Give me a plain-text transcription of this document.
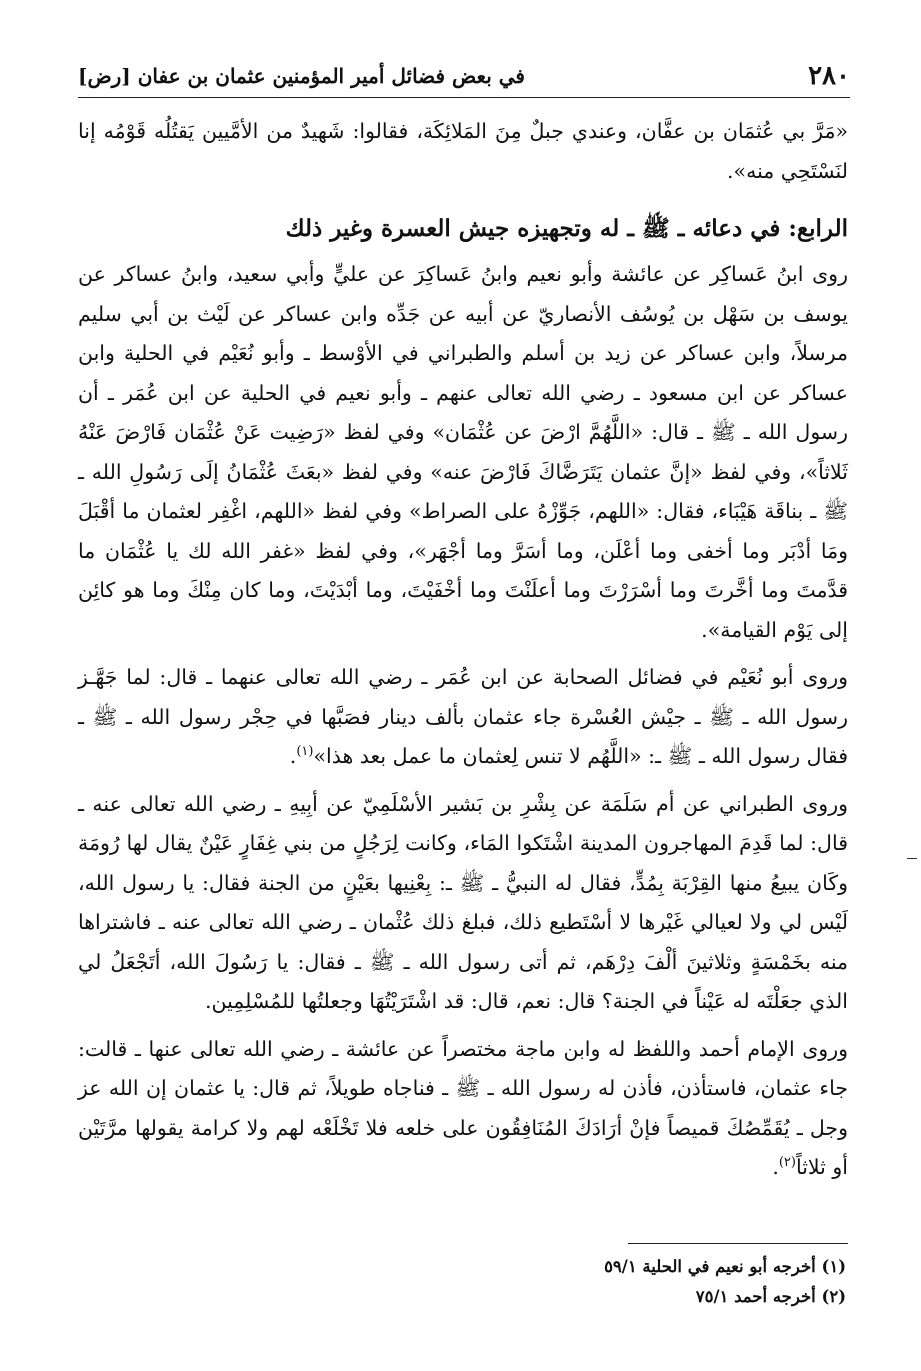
٢٨٠
في بعض فضائل أمير المؤمنين عثمان بن عفان [رض]

«مَرَّ بي عُثمَان بن عفَّان، وعندي جبلٌ مِنَ المَلائِكَة، فقالوا: شَهيدٌ من الأمَّيين يَقتُلُه قَوْمُه إنا لنَسْتَحِي منه».

الرابع: في دعائه ـ ﷺ ـ له وتجهيزه جيش العسرة وغير ذلك

روى ابنُ عَساكِر عن عائشة وأبو نعيم وابنُ عَساكِرَ عن عليٍّ وأبي سعيد، وابنُ عساكر عن يوسف بن سَهْل بن يُوسُف الأنصاريّ عن أبيه عن جَدِّه وابن عساكر عن لَيْث بن أبي سليم مرسلاً، وابن عساكر عن زيد بن أسلم والطبراني في الأوْسط ـ وأبو نُعَيْم في الحلية وابن عساكر عن ابن مسعود ـ رضي الله تعالى عنهم ـ وأبو نعيم في الحلية عن ابن عُمَر ـ أن رسول الله ـ ﷺ ـ قال: «اللَّهُمَّ ارْضَ عن عُثْمَان» وفي لفظ «رَضِيت عَنْ عُثْمَان فَارْضَ عَنْهُ ثَلاثاً»، وفي لفظ «إنَّ عثمان يَتَرَضَّاكَ فَارْضَ عنه» وفي لفظ «بعَثَ عُثْمَانُ إلَى رَسُولِ الله ـ ﷺ ـ بناقَة هَيْبَاء، فقال: «اللهم، جَوِّزْهُ على الصراط» وفي لفظ «اللهم، اغْفِر لعثمان ما أقْبَلَ ومَا أدْبَر وما أخفى وما أعْلَن، وما أسَرَّ وما أجْهَر»، وفي لفظ «غفر الله لك يا عُثْمَان ما قدَّمتَ وما أخَّرتَ وما أسْرَرْتَ وما أعلَنْتَ وما أخْفَيْتَ، وما أبْدَيْتَ، وما كان مِنْكَ وما هو كائِن إلى يَوْم القيامة».

وروى أبو نُعَيْم في فضائل الصحابة عن ابن عُمَر ـ رضي الله تعالى عنهما ـ قال: لما جَهَّـز رسول الله ـ ﷺ ـ جيْش العُسْرة جاء عثمان بألف دينار فصَبَّها في حِجْر رسول الله ـ ﷺ ـ فقال رسول الله ـ ﷺ ـ: «اللَّهُم لا تنس لِعثمان ما عمل بعد هذا»$^{(١)}$.

وروى الطبراني عن أم سَلَمَة عن بِشْرِ بن بَشير الأسْلَمِيّ عن أبِيهِ ـ رضي الله تعالى عنه ـ قال: لما قَدِمَ المهاجرون المدينة اشْتَكوا المَاء، وكانت لِرَجُلٍ من بني غِفَارٍ عَيْنٌ يقال لها رُومَة وكَان يبيعُ منها القِرْبَة بِمُدٍّ، فقال له النبيُّ ـ ﷺ ـ: بِعْنِيها بعَيْنٍ من الجنة فقال: يا رسول الله، لَيْس لي ولا لعيالي غَيْرها لا أسْتَطيع ذلك، فبلغ ذلك عُثْمان ـ رضي الله تعالى عنه ـ فاشتراها منه بخَمْسَةٍ وثلاثينَ ألْفَ دِرْهَم، ثم أتى رسول الله ـ ﷺ ـ فقال: يا رَسُولَ الله، أتَجْعَلُ لي الذي جعَلْتَه له عَيْناً في الجنة؟ قال: نعم، قال: قد اشْتَرَيْتُهَا وجعلتُها للمُسْلِمِين.

وروى الإمام أحمد واللفظ له وابن ماجة مختصراً عن عائشة ـ رضي الله تعالى عنها ـ قالت: جاء عثمان، فاستأذن، فأذن له رسول الله ـ ﷺ ـ فناجاه طويلاً، ثم قال: يا عثمان إن الله عز وجل ـ يُقَمِّصُكَ قميصاً فإنْ أرَادَكَ المُنَافِقُون على خلعه فلا تَخْلَعْه لهم ولا كرامة يقولها مرَّتَيْن أو ثلاثاً$^{(٢)}$.

(١) أخرجه أبو نعيم في الحلية ٥٩/١
(٢) أخرجه أحمد ٧٥/١
